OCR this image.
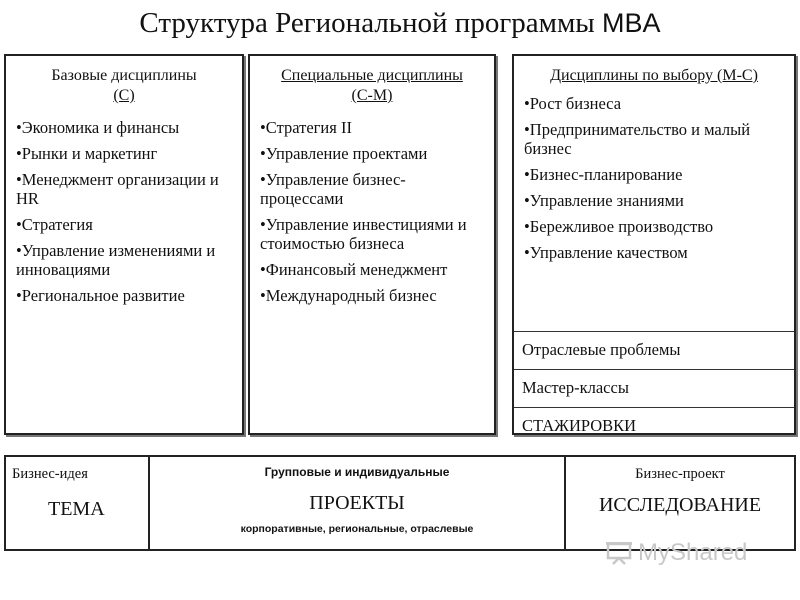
Структура Региональной программы MBA
Базовые дисциплины
(С)
•Экономика и финансы
•Рынки и маркетинг
•Менеджмент организации и HR
•Стратегия
•Управление изменениями и инновациями
•Региональное развитие
Специальные дисциплины
(С-М)
•Стратегия II
•Управление проектами
•Управление бизнес-процессами
•Управление инвестициями и стоимостью бизнеса
•Финансовый менеджмент
•Международный бизнес
Дисциплины по выбору (М-С)
•Рост бизнеса
•Предпринимательство и малый бизнес
•Бизнес-планирование
•Управление знаниями
•Бережливое производство
•Управление качеством
Отраслевые проблемы
Мастер-классы
СТАЖИРОВКИ
Бизнес-идея
ТЕМА
Групповые и индивидуальные
ПРОЕКТЫ
корпоративные, региональные, отраслевые
Бизнес-проект
ИССЛЕДОВАНИЕ
MyShared
